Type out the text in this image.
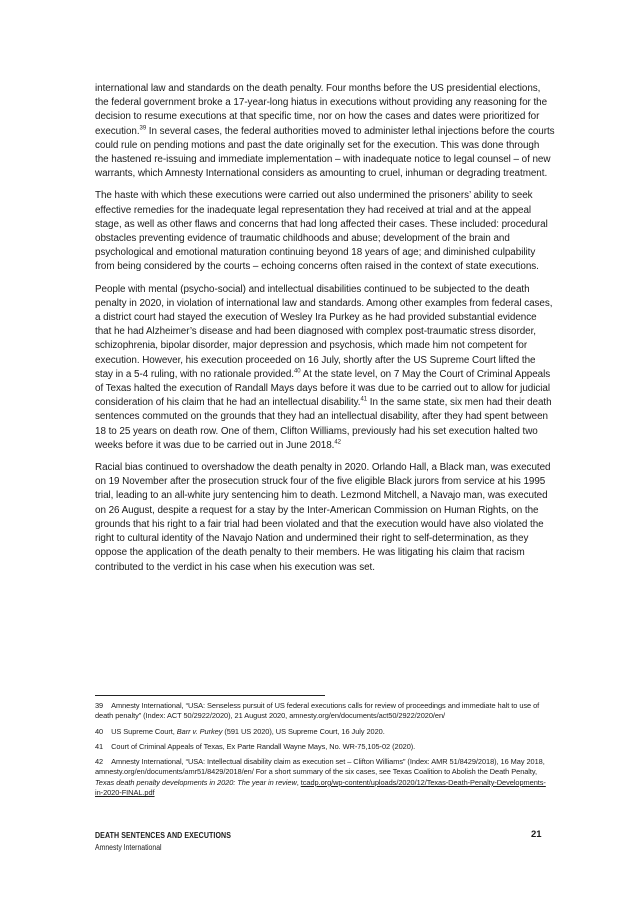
international law and standards on the death penalty. Four months before the US presidential elections, the federal government broke a 17-year-long hiatus in executions without providing any reasoning for the decision to resume executions at that specific time, nor on how the cases and dates were prioritized for execution.$^{39}$ In several cases, the federal authorities moved to administer lethal injections before the courts could rule on pending motions and past the date originally set for the execution. This was done through the hastened re-issuing and immediate implementation – with inadequate notice to legal counsel – of new warrants, which Amnesty International considers as amounting to cruel, inhuman or degrading treatment.

The haste with which these executions were carried out also undermined the prisoners’ ability to seek effective remedies for the inadequate legal representation they had received at trial and at the appeal stage, as well as other flaws and concerns that had long affected their cases. These included: procedural obstacles preventing evidence of traumatic childhoods and abuse; development of the brain and psychological and emotional maturation continuing beyond 18 years of age; and diminished culpability from being considered by the courts – echoing concerns often raised in the context of state executions.

People with mental (psycho-social) and intellectual disabilities continued to be subjected to the death penalty in 2020, in violation of international law and standards. Among other examples from federal cases, a district court had stayed the execution of Wesley Ira Purkey as he had provided substantial evidence that he had Alzheimer’s disease and had been diagnosed with complex post-traumatic stress disorder, schizophrenia, bipolar disorder, major depression and psychosis, which made him not competent for execution. However, his execution proceeded on 16 July, shortly after the US Supreme Court lifted the stay in a 5-4 ruling, with no rationale provided.$^{40}$ At the state level, on 7 May the Court of Criminal Appeals of Texas halted the execution of Randall Mays days before it was due to be carried out to allow for judicial consideration of his claim that he had an intellectual disability.$^{41}$ In the same state, six men had their death sentences commuted on the grounds that they had an intellectual disability, after they had spent between 18 to 25 years on death row. One of them, Clifton Williams, previously had his set execution halted two weeks before it was due to be carried out in June 2018.42

Racial bias continued to overshadow the death penalty in 2020. Orlando Hall, a Black man, was executed on 19 November after the prosecution struck four of the five eligible Black jurors from service at his 1995 trial, leading to an all-white jury sentencing him to death. Lezmond Mitchell, a Navajo man, was executed on 26 August, despite a request for a stay by the Inter-American Commission on Human Rights, on the grounds that his right to a fair trial had been violated and that the execution would have also violated the right to cultural identity of the Navajo Nation and undermined their right to self-determination, as they oppose the application of the death penalty to their members. He was litigating his claim that racism contributed to the verdict in his case when his execution was set.

39 Amnesty International, “USA: Senseless pursuit of US federal executions calls for review of proceedings and immediate halt to use of death penalty” (Index: ACT 50/2922/2020), 21 August 2020, amnesty.org/en/documents/act50/2922/2020/en/

40 US Supreme Court, Barr v. Purkey (591 US 2020), US Supreme Court, 16 July 2020.

41 Court of Criminal Appeals of Texas, Ex Parte Randall Wayne Mays, No. WR-75,105-02 (2020).

42 Amnesty International, “USA: Intellectual disability claim as execution set – Clifton Williams” (Index: AMR 51/8429/2018), 16 May 2018, amnesty.org/en/documents/amr51/8429/2018/en/ For a short summary of the six cases, see Texas Coalition to Abolish the Death Penalty, Texas death penalty developments in 2020: The year in review, tcadp.org/wp-content/uploads/2020/12/Texas-Death-Penalty-Developments-in-2020-FINAL.pdf

DEATH SENTENCES AND EXECUTIONS
Amnesty International
21
